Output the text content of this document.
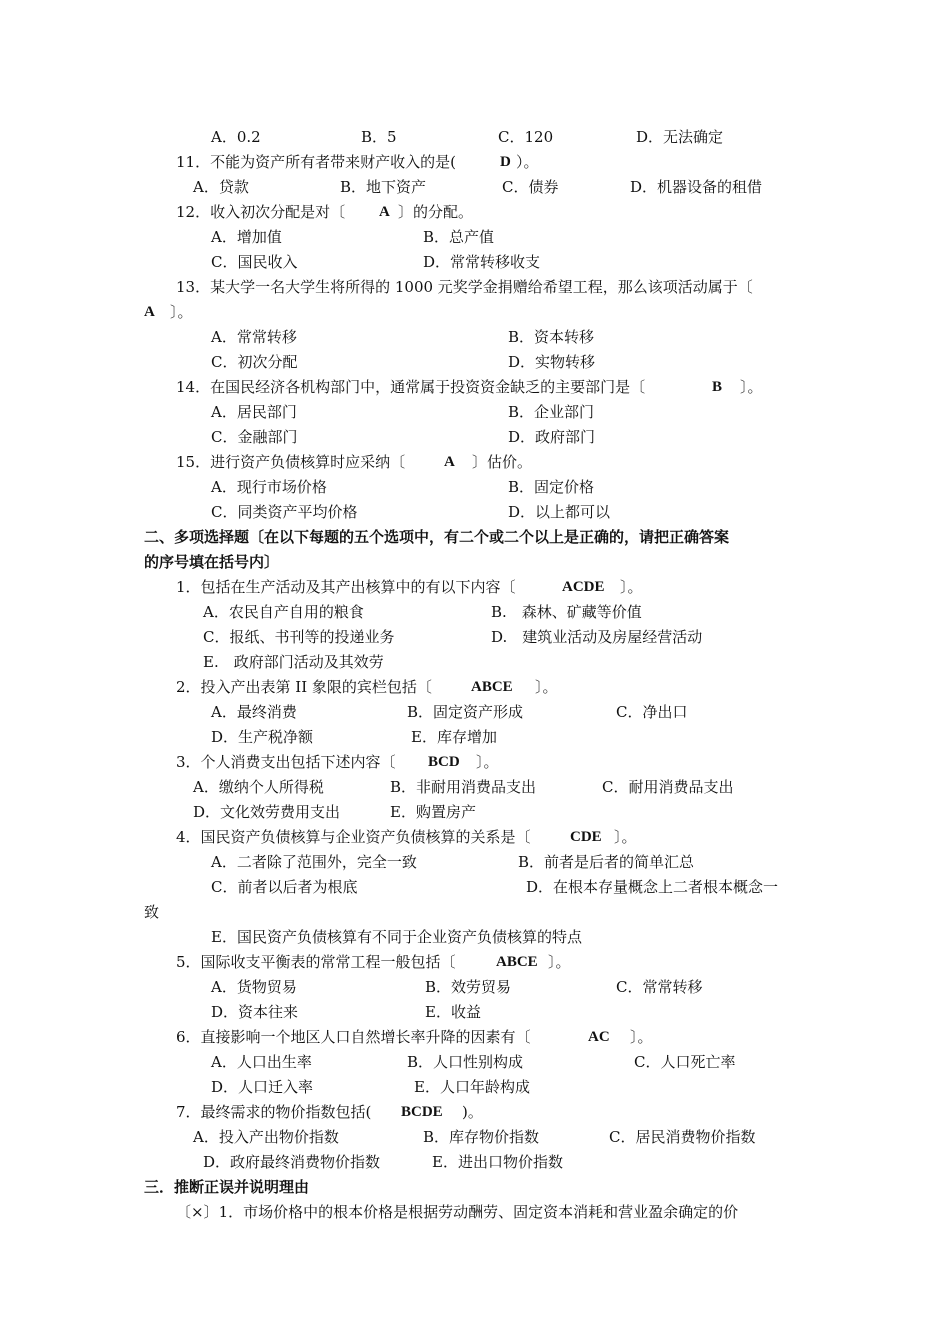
A．0.2	B．5	C．120	D．无法确定
11．不能为资产所有者带来财产收入的是(　 D ）。
A．贷款	B．地下资产	C．债券	D．机器设备的租借
12．收入初次分配是对〔 A 〕的分配。
A．增加值	B．总产值
C．国民收入	D．常常转移收支
13．某大学一名大学生将所得的 1000 元奖学金捐赠给希望工程，那么该项活动属于〔
A 〕。
A．常常转移	B．资本转移
C．初次分配	D．实物转移
14．在国民经济各机构部门中，通常属于投资资金缺乏的主要部门是〔	B 〕。
A．居民部门	B．企业部门
C．金融部门	D．政府部门
15．进行资产负债核算时应采纳〔	A 〕估价。
A．现行市场价格	B．固定价格
C．同类资产平均价格	D．以上都可以
二、多项选择题〔在以下每题的五个选项中，有二个或二个以上是正确的，请把正确答案
的序号填在括号内〕
1．包括在生产活动及其产出核算中的有以下内容〔	ACDE 〕。
A．农民自产自用的粮食	B.　森林、矿藏等价值
C．报纸、书刊等的投递业务	D.　建筑业活动及房屋经营活动
E.　政府部门活动及其效劳
2．投入产出表第 II 象限的宾栏包括〔	ABCE 〕。
A．最终消费	B．固定资产形成	C．净出口
D．生产税净额	E．库存增加
3．个人消费支出包括下述内容〔 BCD 〕。
A．缴纳个人所得税	B．非耐用消费品支出	C．耐用消费品支出
D．文化效劳费用支出	E．购置房产
4．国民资产负债核算与企业资产负债核算的关系是〔	CDE 〕。
A．二者除了范围外，完全一致	B．前者是后者的简单汇总
C．前者以后者为根底	D．在根本存量概念上二者根本概念一
致
E．国民资产负债核算有不同于企业资产负债核算的特点
5．国际收支平衡表的常常工程一般包括〔	ABCE 〕。
A．货物贸易	B．效劳贸易	C．常常转移
D．资本往来	E．收益
6．直接影响一个地区人口自然增长率升降的因素有〔	AC 〕。
A．人口出生率	B．人口性别构成	C．人口死亡率
D．人口迁入率	E．人口年龄构成
7．最终需求的物价指数包括( BCDE )。
A．投入产出物价指数	B．库存物价指数	C．居民消费物价指数
D．政府最终消费物价指数	E．进出口物价指数
三．推断正误并说明理由
〔×〕1．市场价格中的根本价格是根据劳动酬劳、固定资本消耗和营业盈余确定的价
